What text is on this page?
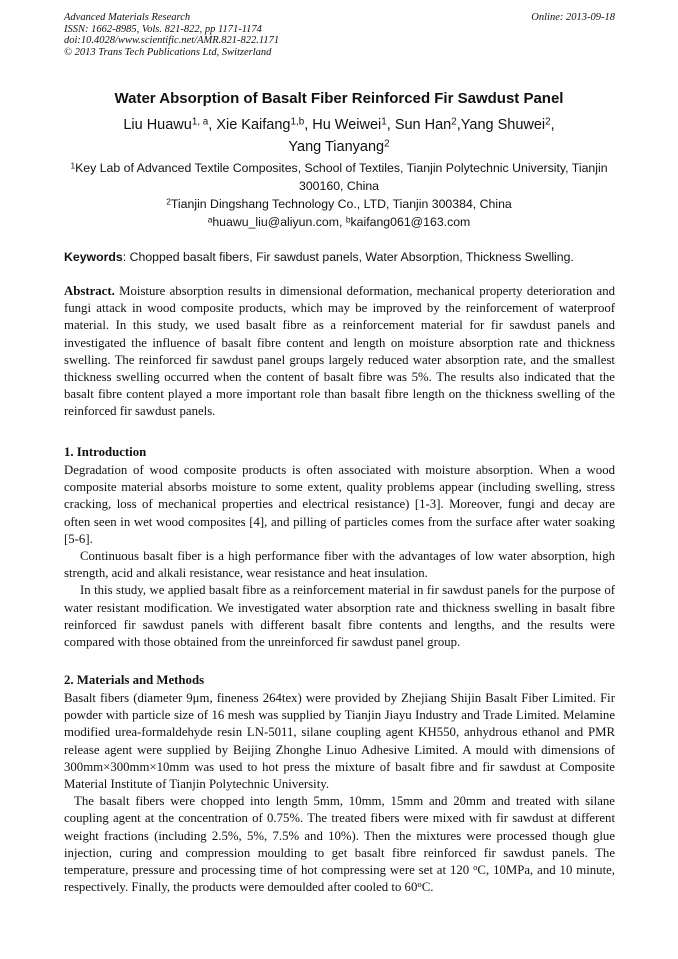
Advanced Materials Research
ISSN: 1662-8985, Vols. 821-822, pp 1171-1174
doi:10.4028/www.scientific.net/AMR.821-822.1171
© 2013 Trans Tech Publications Ltd, Switzerland
Online: 2013-09-18
Water Absorption of Basalt Fiber Reinforced Fir Sawdust Panel
Liu Huawu$^{1, a}$, Xie Kaifang$^{1,b}$, Hu Weiwei$^1$, Sun Han$^2$,Yang Shuwei$^2$,
Yang Tianyang$^2$
$^1$Key Lab of Advanced Textile Composites, School of Textiles, Tianjin Polytechnic University, Tianjin 300160, China
$^2$Tianjin Dingshang Technology Co., LTD, Tianjin 300384, China
$^a$huawu_liu@aliyun.com, $^b$kaifang061@163.com
Keywords: Chopped basalt fibers, Fir sawdust panels, Water Absorption, Thickness Swelling.

Abstract. Moisture absorption results in dimensional deformation, mechanical property deterioration and fungi attack in wood composite products, which may be improved by the reinforcement of waterproof material. In this study, we used basalt fibre as a reinforcement material for fir sawdust panels and investigated the influence of basalt fibre content and length on moisture absorption rate and thickness swelling. The reinforced fir sawdust panel groups largely reduced water absorption rate, and the smallest thickness swelling occurred when the content of basalt fibre was 5%. The results also indicated that the basalt fibre content played a more important role than basalt fibre length on the thickness swelling of the reinforced fir sawdust panels.

1. Introduction

Degradation of wood composite products is often associated with moisture absorption. When a wood composite material absorbs moisture to some extent, quality problems appear (including swelling, stress cracking, loss of mechanical properties and electrical resistance) [1-3]. Moreover, fungi and decay are often seen in wet wood composites [4], and pilling of particles comes from the surface after water soaking [5-6].

Continuous basalt fiber is a high performance fiber with the advantages of low water absorption, high strength, acid and alkali resistance, wear resistance and heat insulation.

In this study, we applied basalt fibre as a reinforcement material in fir sawdust panels for the purpose of water resistant modification. We investigated water absorption rate and thickness swelling in basalt fibre reinforced fir sawdust panels with different basalt fibre contents and lengths, and the results were compared with those obtained from the unreinforced fir sawdust panel group.

2. Materials and Methods

Basalt fibers (diameter 9μm, fineness 264tex) were provided by Zhejiang Shijin Basalt Fiber Limited. Fir powder with particle size of 16 mesh was supplied by Tianjin Jiayu Industry and Trade Limited. Melamine modified urea-formaldehyde resin LN-5011, silane coupling agent KH550, anhydrous ethanol and PMR release agent were supplied by Beijing Zhonghe Linuo Adhesive Limited. A mould with dimensions of 300mm×300mm×10mm was used to hot press the mixture of basalt fibre and fir sawdust at Composite Material Institute of Tianjin Polytechnic University.

The basalt fibers were chopped into length 5mm, 10mm, 15mm and 20mm and treated with silane coupling agent at the concentration of 0.75%. The treated fibers were mixed with fir sawdust at different weight fractions (including 2.5%, 5%, 7.5% and 10%). Then the mixtures were processed though glue injection, curing and compression moulding to get basalt fibre reinforced fir sawdust panels. The temperature, pressure and processing time of hot compressing were set at 120 $^o$C, 10MPa, and 10 minute, respectively. Finally, the products were demoulded after cooled to 60$^o$C.
